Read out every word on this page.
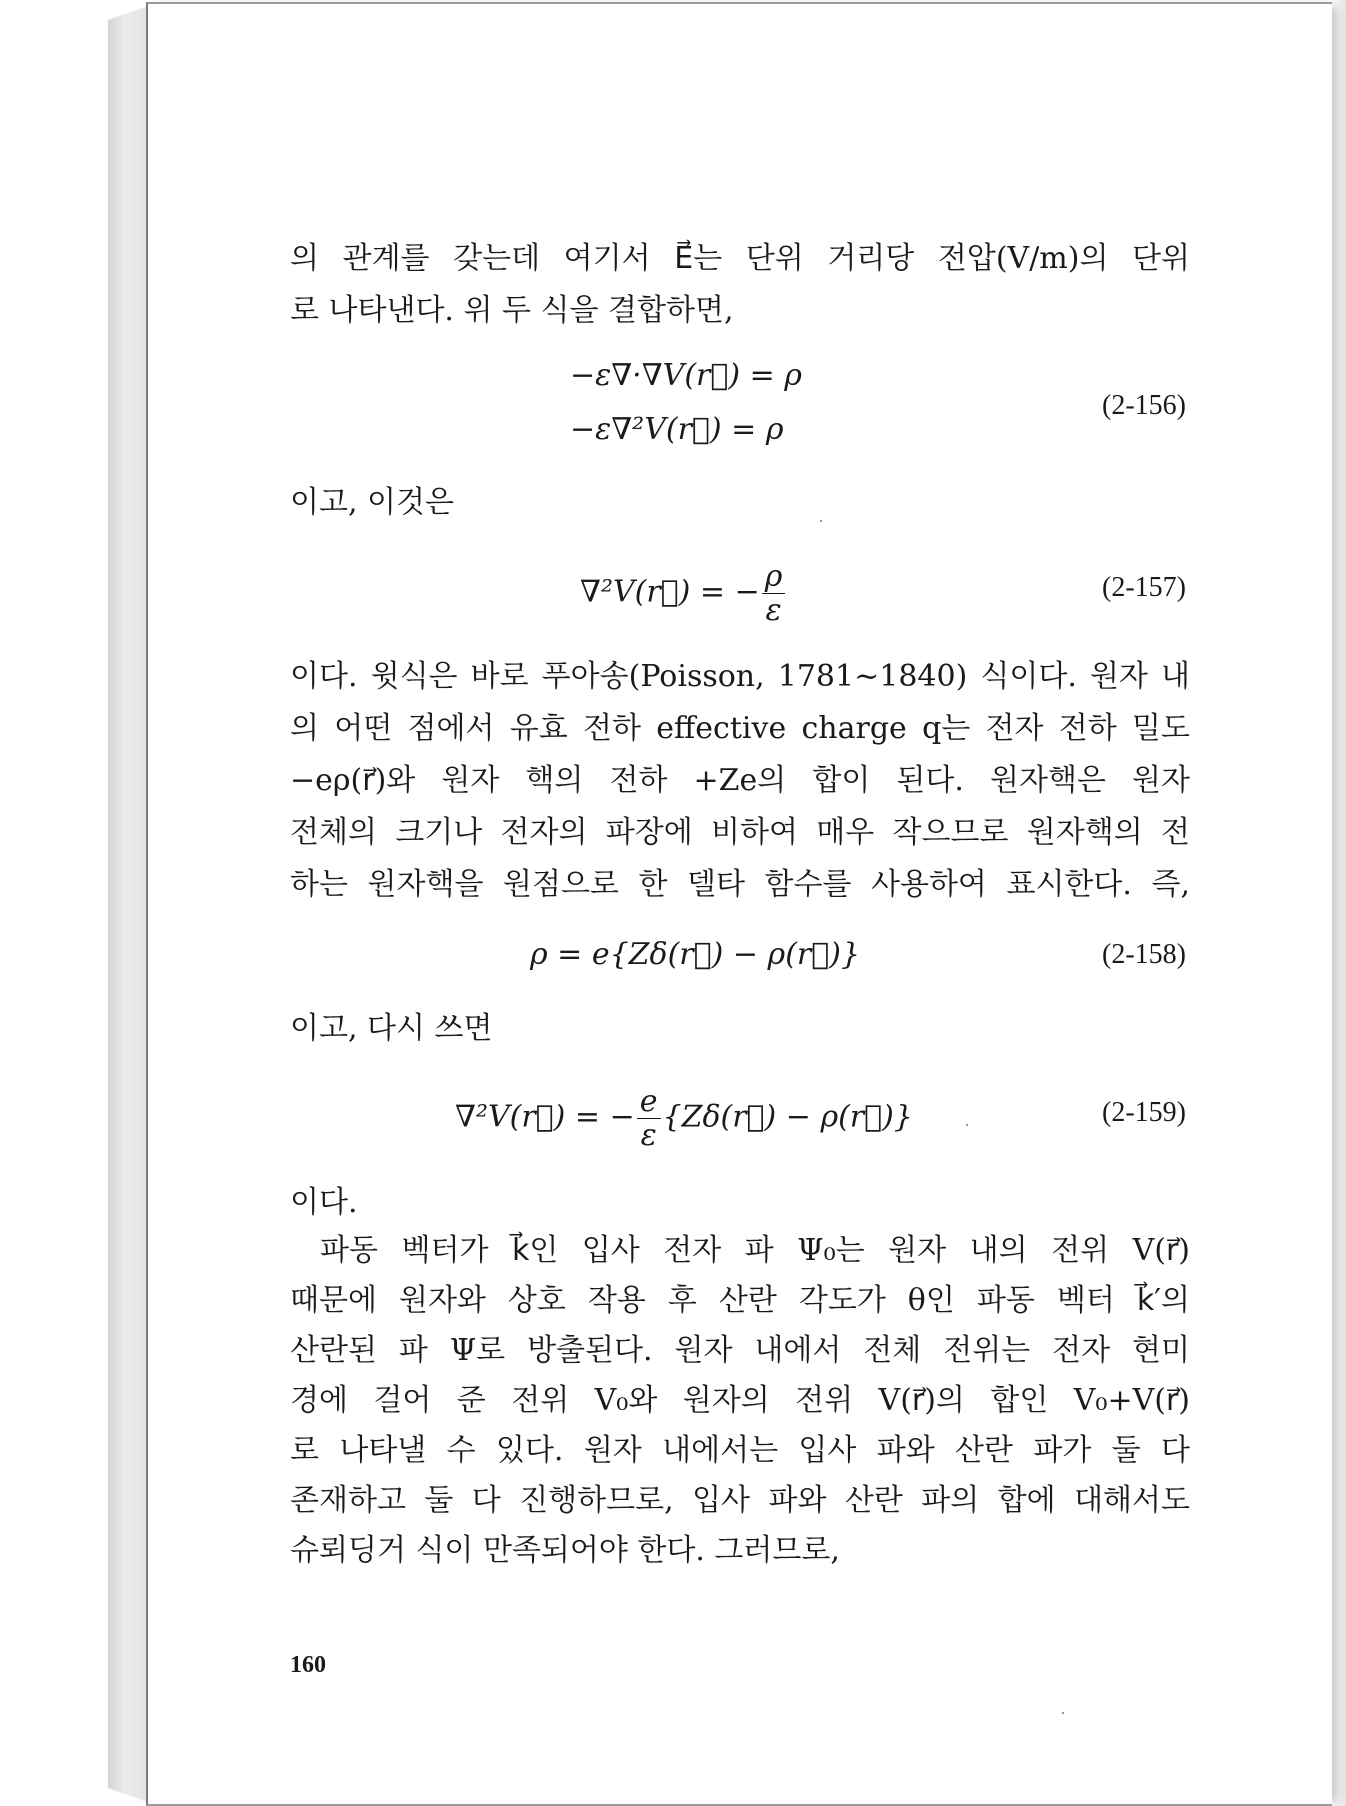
의 관계를 갖는데 여기서 E⃗는 단위 거리당 전압(V/m)의 단위
로 나타낸다. 위 두 식을 결합하면,
−ε∇·∇V(r⃗) = ρ
−ε∇²V(r⃗) = ρ
(2-156)
이고, 이것은
∇²V(r⃗) = − $\frac{\rho}{\varepsilon}$	(2-157)
이다. 윗식은 바로 푸아송(Poisson, 1781~1840) 식이다. 원자 내
의 어떤 점에서 유효 전하 effective charge q는 전자 전하 밀도
−eρ(r⃗)와 원자 핵의 전하 +Ze의 합이 된다. 원자핵은 원자
전체의 크기나 전자의 파장에 비하여 매우 작으므로 원자핵의 전
하는 원자핵을 원점으로 한 델타 함수를 사용하여 표시한다. 즉,
ρ = e{Zδ(r⃗) − ρ(r⃗)}	(2-158)
이고, 다시 쓰면
∇²V(r⃗) = − $\frac{e}{\varepsilon}$ {Zδ(r⃗) − ρ(r⃗)}	(2-159)
이다.
파동 벡터가 k⃗인 입사 전자 파 Ψ₀는 원자 내의 전위 V(r⃗)
때문에 원자와 상호 작용 후 산란 각도가 θ인 파동 벡터 k⃗′의
산란된 파 Ψ로 방출된다. 원자 내에서 전체 전위는 전자 현미
경에 걸어 준 전위 V₀와 원자의 전위 V(r⃗)의 합인 V₀+V(r⃗)
로 나타낼 수 있다. 원자 내에서는 입사 파와 산란 파가 둘 다
존재하고 둘 다 진행하므로, 입사 파와 산란 파의 합에 대해서도
슈뢰딩거 식이 만족되어야 한다. 그러므로,
160
